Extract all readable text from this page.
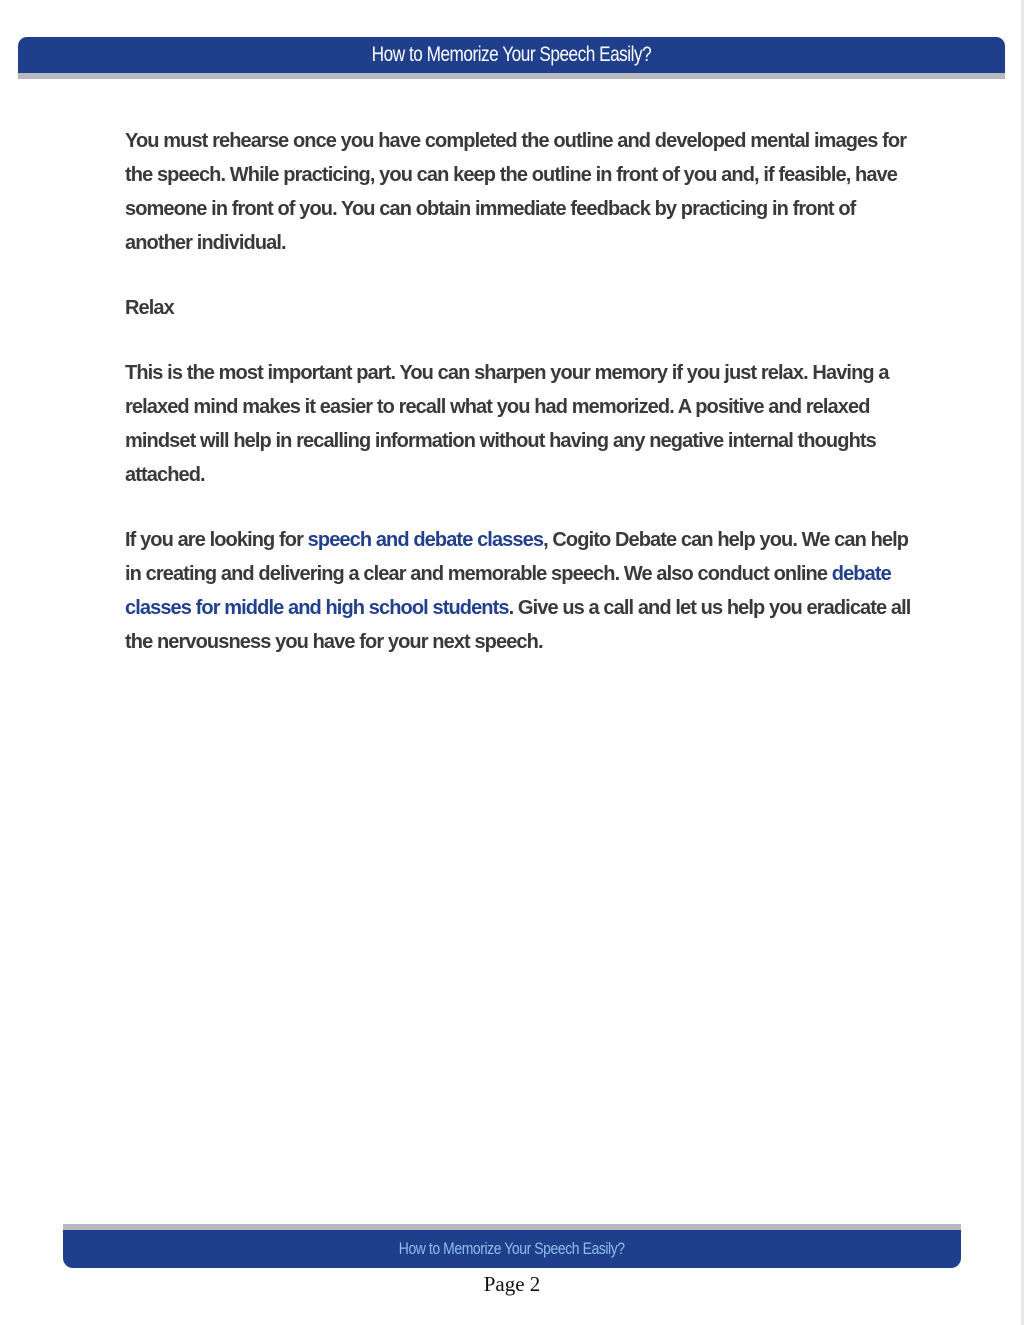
How to Memorize Your Speech Easily?

You must rehearse once you have completed the outline and developed mental images for the speech. While practicing, you can keep the outline in front of you and, if feasible, have someone in front of you. You can obtain immediate feedback by practicing in front of another individual.

Relax

This is the most important part. You can sharpen your memory if you just relax. Having a relaxed mind makes it easier to recall what you had memorized. A positive and relaxed mindset will help in recalling information without having any negative internal thoughts attached.

If you are looking for speech and debate classes, Cogito Debate can help you. We can help in creating and delivering a clear and memorable speech. We also conduct online debate classes for middle and high school students. Give us a call and let us help you eradicate all the nervousness you have for your next speech.

How to Memorize Your Speech Easily?
Page 2
